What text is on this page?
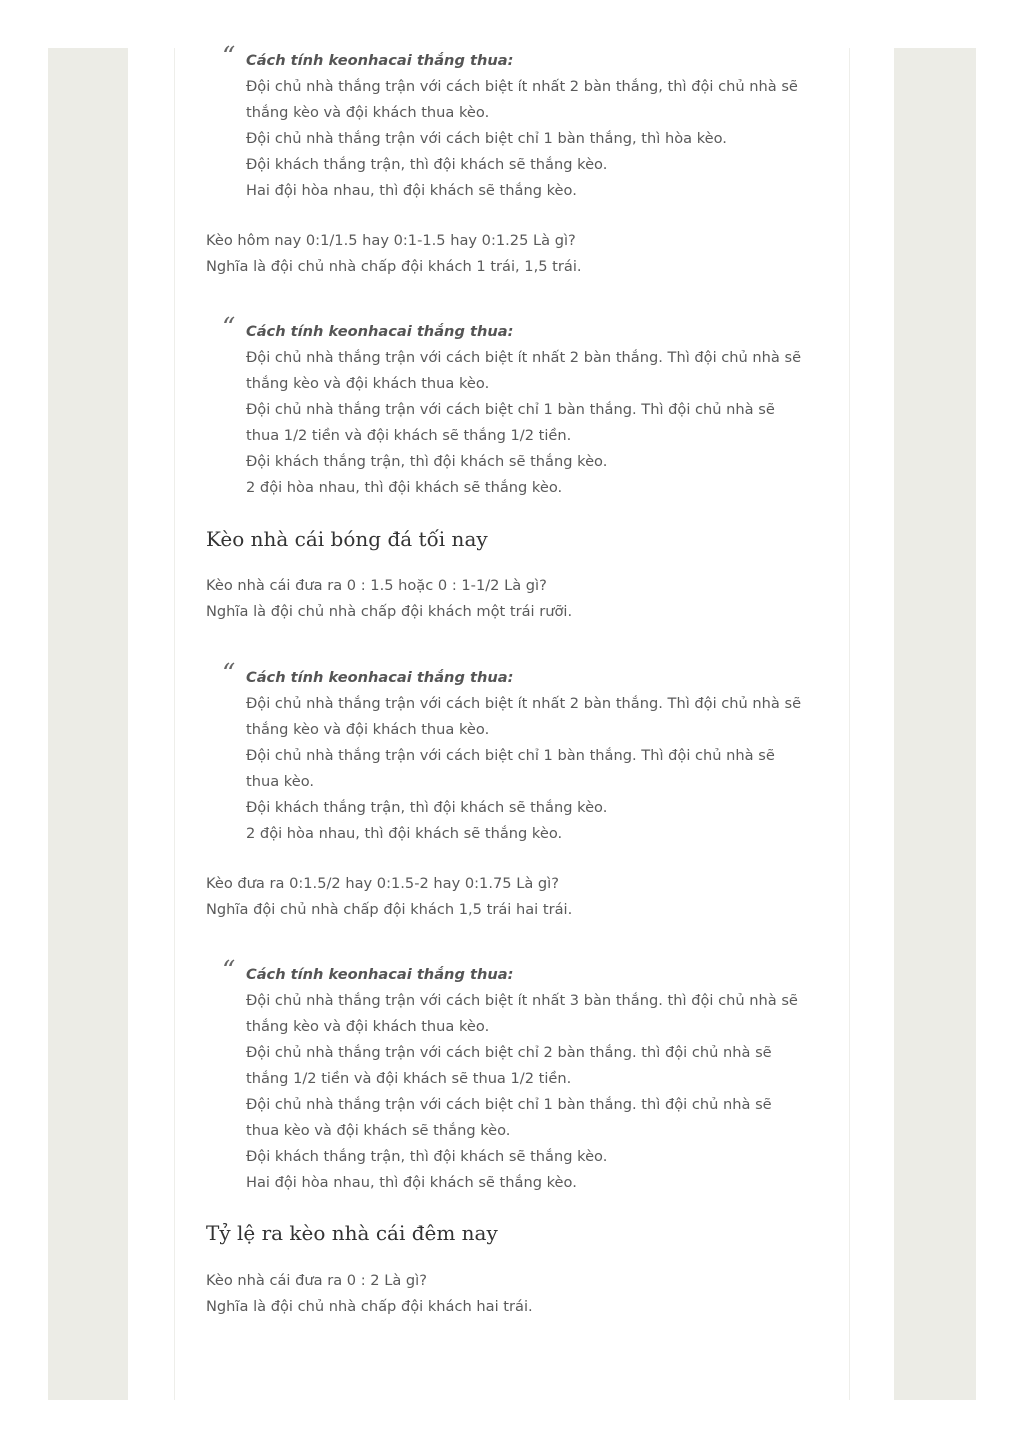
“ Cách tính keonhacai thắng thua:
Đội chủ nhà thắng trận với cách biệt ít nhất 2 bàn thắng, thì đội chủ nhà sẽ thắng kèo và đội khách thua kèo.
Đội chủ nhà thắng trận với cách biệt chỉ 1 bàn thắng, thì hòa kèo.
Đội khách thắng trận, thì đội khách sẽ thắng kèo.
Hai đội hòa nhau, thì đội khách sẽ thắng kèo.
Kèo hôm nay 0:1/1.5 hay 0:1-1.5 hay 0:1.25 Là gì?
Nghĩa là đội chủ nhà chấp đội khách 1 trái, 1,5 trái.
“ Cách tính keonhacai thắng thua:
Đội chủ nhà thắng trận với cách biệt ít nhất 2 bàn thắng. Thì đội chủ nhà sẽ thắng kèo và đội khách thua kèo.
Đội chủ nhà thắng trận với cách biệt chỉ 1 bàn thắng. Thì đội chủ nhà sẽ thua 1/2 tiền và đội khách sẽ thắng 1/2 tiền.
Đội khách thắng trận, thì đội khách sẽ thắng kèo.
2 đội hòa nhau, thì đội khách sẽ thắng kèo.
Kèo nhà cái bóng đá tối nay
Kèo nhà cái đưa ra 0 : 1.5 hoặc 0 : 1-1/2 Là gì?
Nghĩa là đội chủ nhà chấp đội khách một trái rưỡi.
“ Cách tính keonhacai thắng thua:
Đội chủ nhà thắng trận với cách biệt ít nhất 2 bàn thắng. Thì đội chủ nhà sẽ thắng kèo và đội khách thua kèo.
Đội chủ nhà thắng trận với cách biệt chỉ 1 bàn thắng. Thì đội chủ nhà sẽ thua kèo.
Đội khách thắng trận, thì đội khách sẽ thắng kèo.
2 đội hòa nhau, thì đội khách sẽ thắng kèo.
Kèo đưa ra 0:1.5/2 hay 0:1.5-2 hay 0:1.75 Là gì?
Nghĩa đội chủ nhà chấp đội khách 1,5 trái hai trái.
“ Cách tính keonhacai thắng thua:
Đội chủ nhà thắng trận với cách biệt ít nhất 3 bàn thắng. thì đội chủ nhà sẽ thắng kèo và đội khách thua kèo.
Đội chủ nhà thắng trận với cách biệt chỉ 2 bàn thắng. thì đội chủ nhà sẽ thắng 1/2 tiền và đội khách sẽ thua 1/2 tiền.
Đội chủ nhà thắng trận với cách biệt chỉ 1 bàn thắng. thì đội chủ nhà sẽ thua kèo và đội khách sẽ thắng kèo.
Đội khách thắng trận, thì đội khách sẽ thắng kèo.
Hai đội hòa nhau, thì đội khách sẽ thắng kèo.
Tỷ lệ ra kèo nhà cái đêm nay
Kèo nhà cái đưa ra 0 : 2 Là gì?
Nghĩa là đội chủ nhà chấp đội khách hai trái.
